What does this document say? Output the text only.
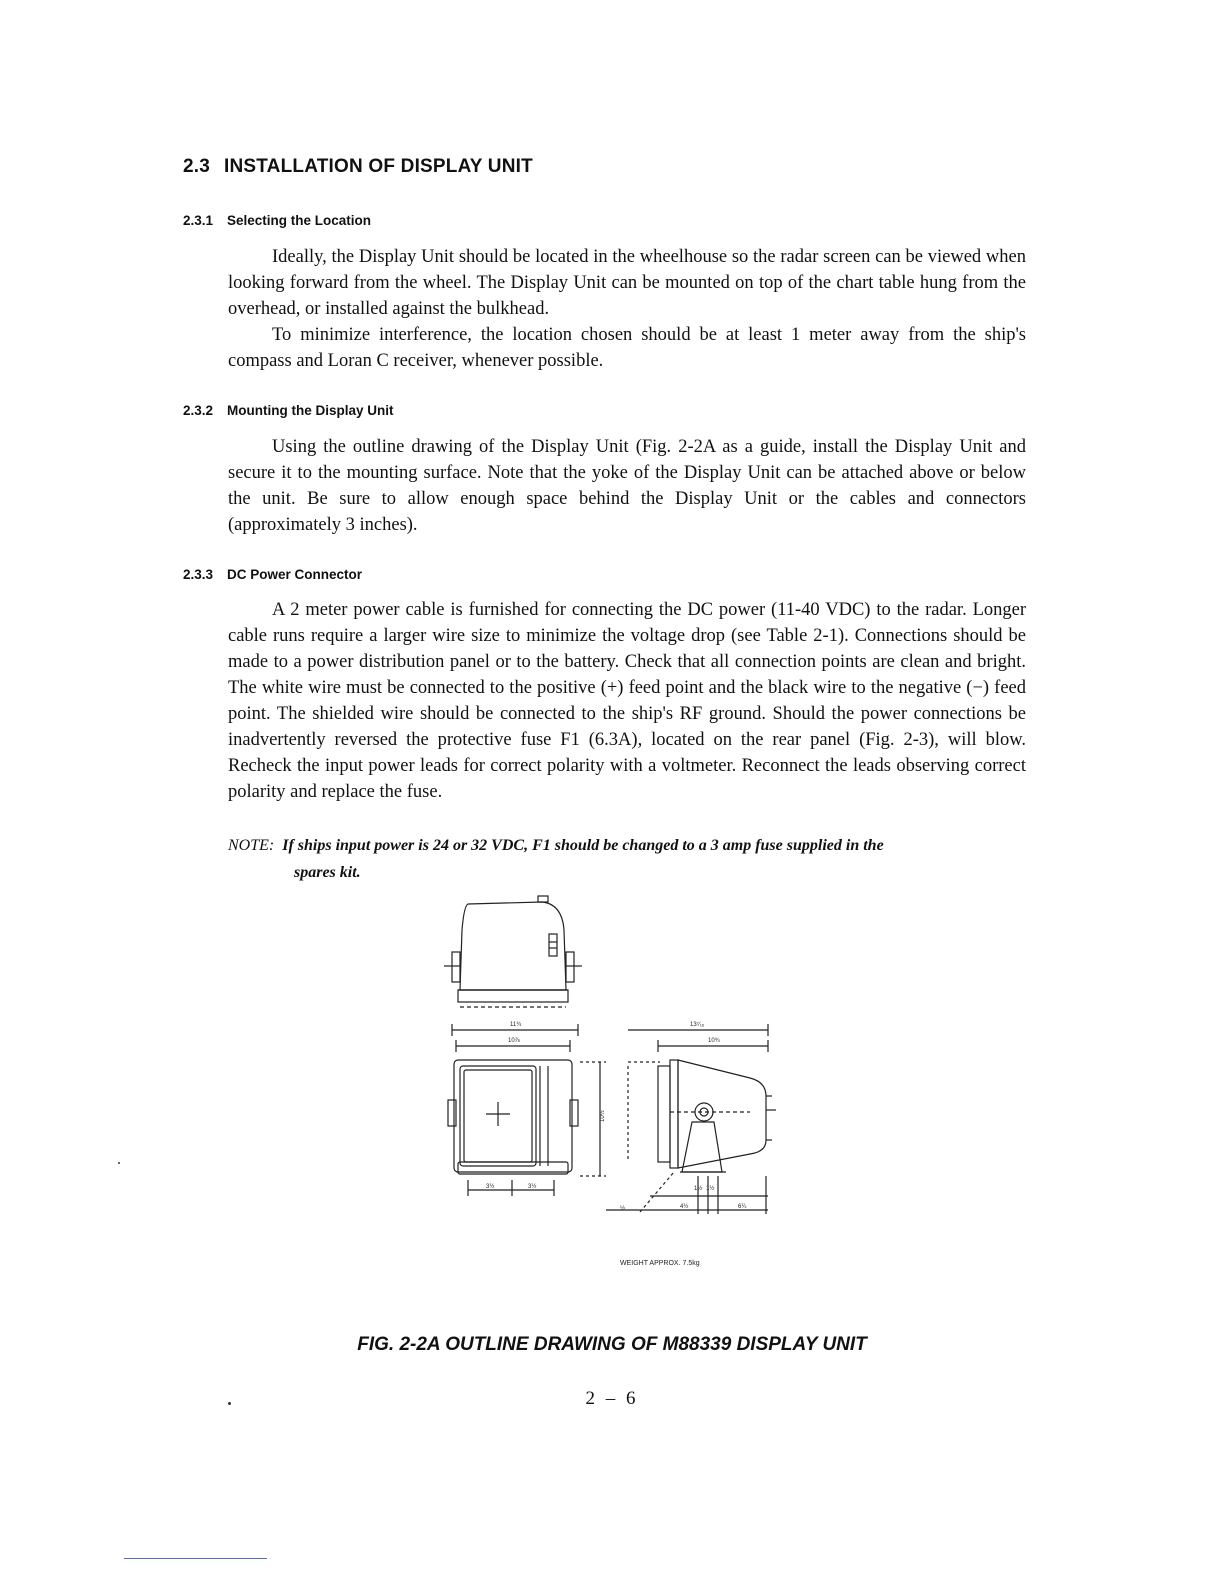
2.3 INSTALLATION OF DISPLAY UNIT
2.3.1 Selecting the Location

Ideally, the Display Unit should be located in the wheelhouse so the radar screen can be viewed when looking forward from the wheel. The Display Unit can be mounted on top of the chart table hung from the overhead, or installed against the bulkhead.

To minimize interference, the location chosen should be at least 1 meter away from the ship's compass and Loran C receiver, whenever possible.

2.3.2 Mounting the Display Unit

Using the outline drawing of the Display Unit (Fig. 2-2A as a guide, install the Display Unit and secure it to the mounting surface. Note that the yoke of the Display Unit can be attached above or below the unit. Be sure to allow enough space behind the Display Unit or the cables and connectors (approximately 3 inches).

2.3.3 DC Power Connector

A 2 meter power cable is furnished for connecting the DC power (11-40 VDC) to the radar. Longer cable runs require a larger wire size to minimize the voltage drop (see Table 2-1). Connections should be made to a power distribution panel or to the battery. Check that all connection points are clean and bright. The white wire must be connected to the positive (+) feed point and the black wire to the negative (−) feed point. The shielded wire should be connected to the ship's RF ground. Should the power connections be inadvertently reversed the protective fuse F1 (6.3A), located on the rear panel (Fig. 2-3), will blow. Recheck the input power leads for correct polarity with a voltmeter. Reconnect the leads observing correct polarity and replace the fuse.

NOTE: If ships input power is 24 or 32 VDC, F1 should be changed to a 3 amp fuse supplied in the
spares kit.
11¾
10⅞
10½
3½	3½
13⁷⁄₁₆
10¾
1½ 1½
4½	6¼
½
WEIGHT APPROX. 7.5kg
FIG. 2-2A OUTLINE DRAWING OF M88339 DISPLAY UNIT
2 – 6
